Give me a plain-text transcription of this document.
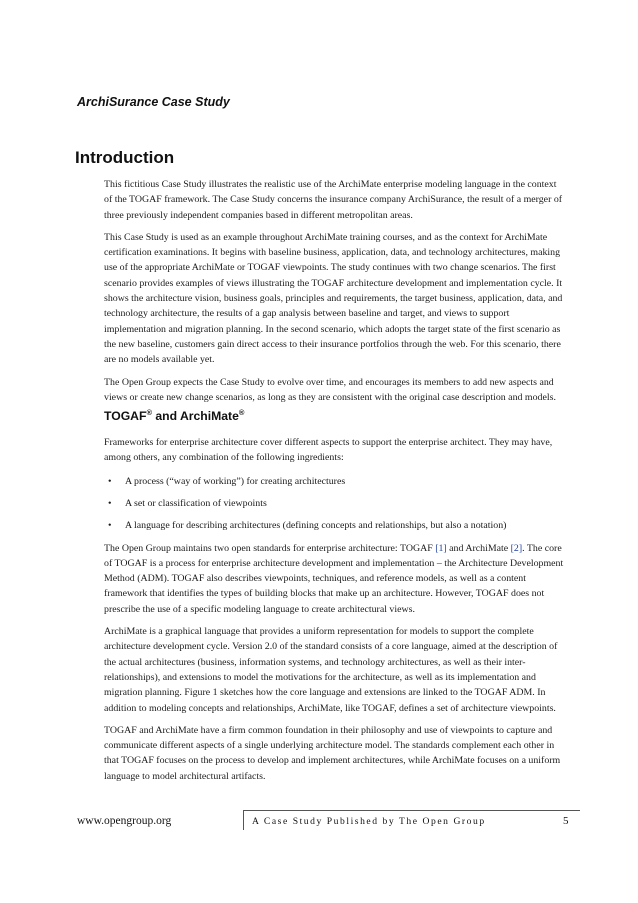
ArchiSurance Case Study
Introduction

This fictitious Case Study illustrates the realistic use of the ArchiMate enterprise modeling language in the context of the TOGAF framework. The Case Study concerns the insurance company ArchiSurance, the result of a merger of three previously independent companies based in different metropolitan areas.

This Case Study is used as an example throughout ArchiMate training courses, and as the context for ArchiMate certification examinations. It begins with baseline business, application, data, and technology architectures, making use of the appropriate ArchiMate or TOGAF viewpoints. The study continues with two change scenarios. The first scenario provides examples of views illustrating the TOGAF architecture development and implementation cycle. It shows the architecture vision, business goals, principles and requirements, the target business, application, data, and technology architecture, the results of a gap analysis between baseline and target, and views to support implementation and migration planning. In the second scenario, which adopts the target state of the first scenario as the new baseline, customers gain direct access to their insurance portfolios through the web. For this scenario, there are no models available yet.

The Open Group expects the Case Study to evolve over time, and encourages its members to add new aspects and views or create new change scenarios, as long as they are consistent with the original case description and models.

TOGAF® and ArchiMate®

Frameworks for enterprise architecture cover different aspects to support the enterprise architect. They may have, among others, any combination of the following ingredients:

•	A process (“way of working”) for creating architectures
•	A set or classification of viewpoints
•	A language for describing architectures (defining concepts and relationships, but also a notation)

The Open Group maintains two open standards for enterprise architecture: TOGAF [1] and ArchiMate [2]. The core of TOGAF is a process for enterprise architecture development and implementation – the Architecture Development Method (ADM). TOGAF also describes viewpoints, techniques, and reference models, as well as a content framework that identifies the types of building blocks that make up an architecture. However, TOGAF does not prescribe the use of a specific modeling language to create architectural views.

ArchiMate is a graphical language that provides a uniform representation for models to support the complete architecture development cycle. Version 2.0 of the standard consists of a core language, aimed at the description of the actual architectures (business, information systems, and technology architectures, as well as their inter-relationships), and extensions to model the motivations for the architecture, as well as its implementation and migration planning. Figure 1 sketches how the core language and extensions are linked to the TOGAF ADM. In addition to modeling concepts and relationships, ArchiMate, like TOGAF, defines a set of architecture viewpoints.

TOGAF and ArchiMate have a firm common foundation in their philosophy and use of viewpoints to capture and communicate different aspects of a single underlying architecture model. The standards complement each other in that TOGAF focuses on the process to develop and implement architectures, while ArchiMate focuses on a uniform language to model architectural artifacts.

www.opengroup.org	A Case Study Published by The Open Group	5
